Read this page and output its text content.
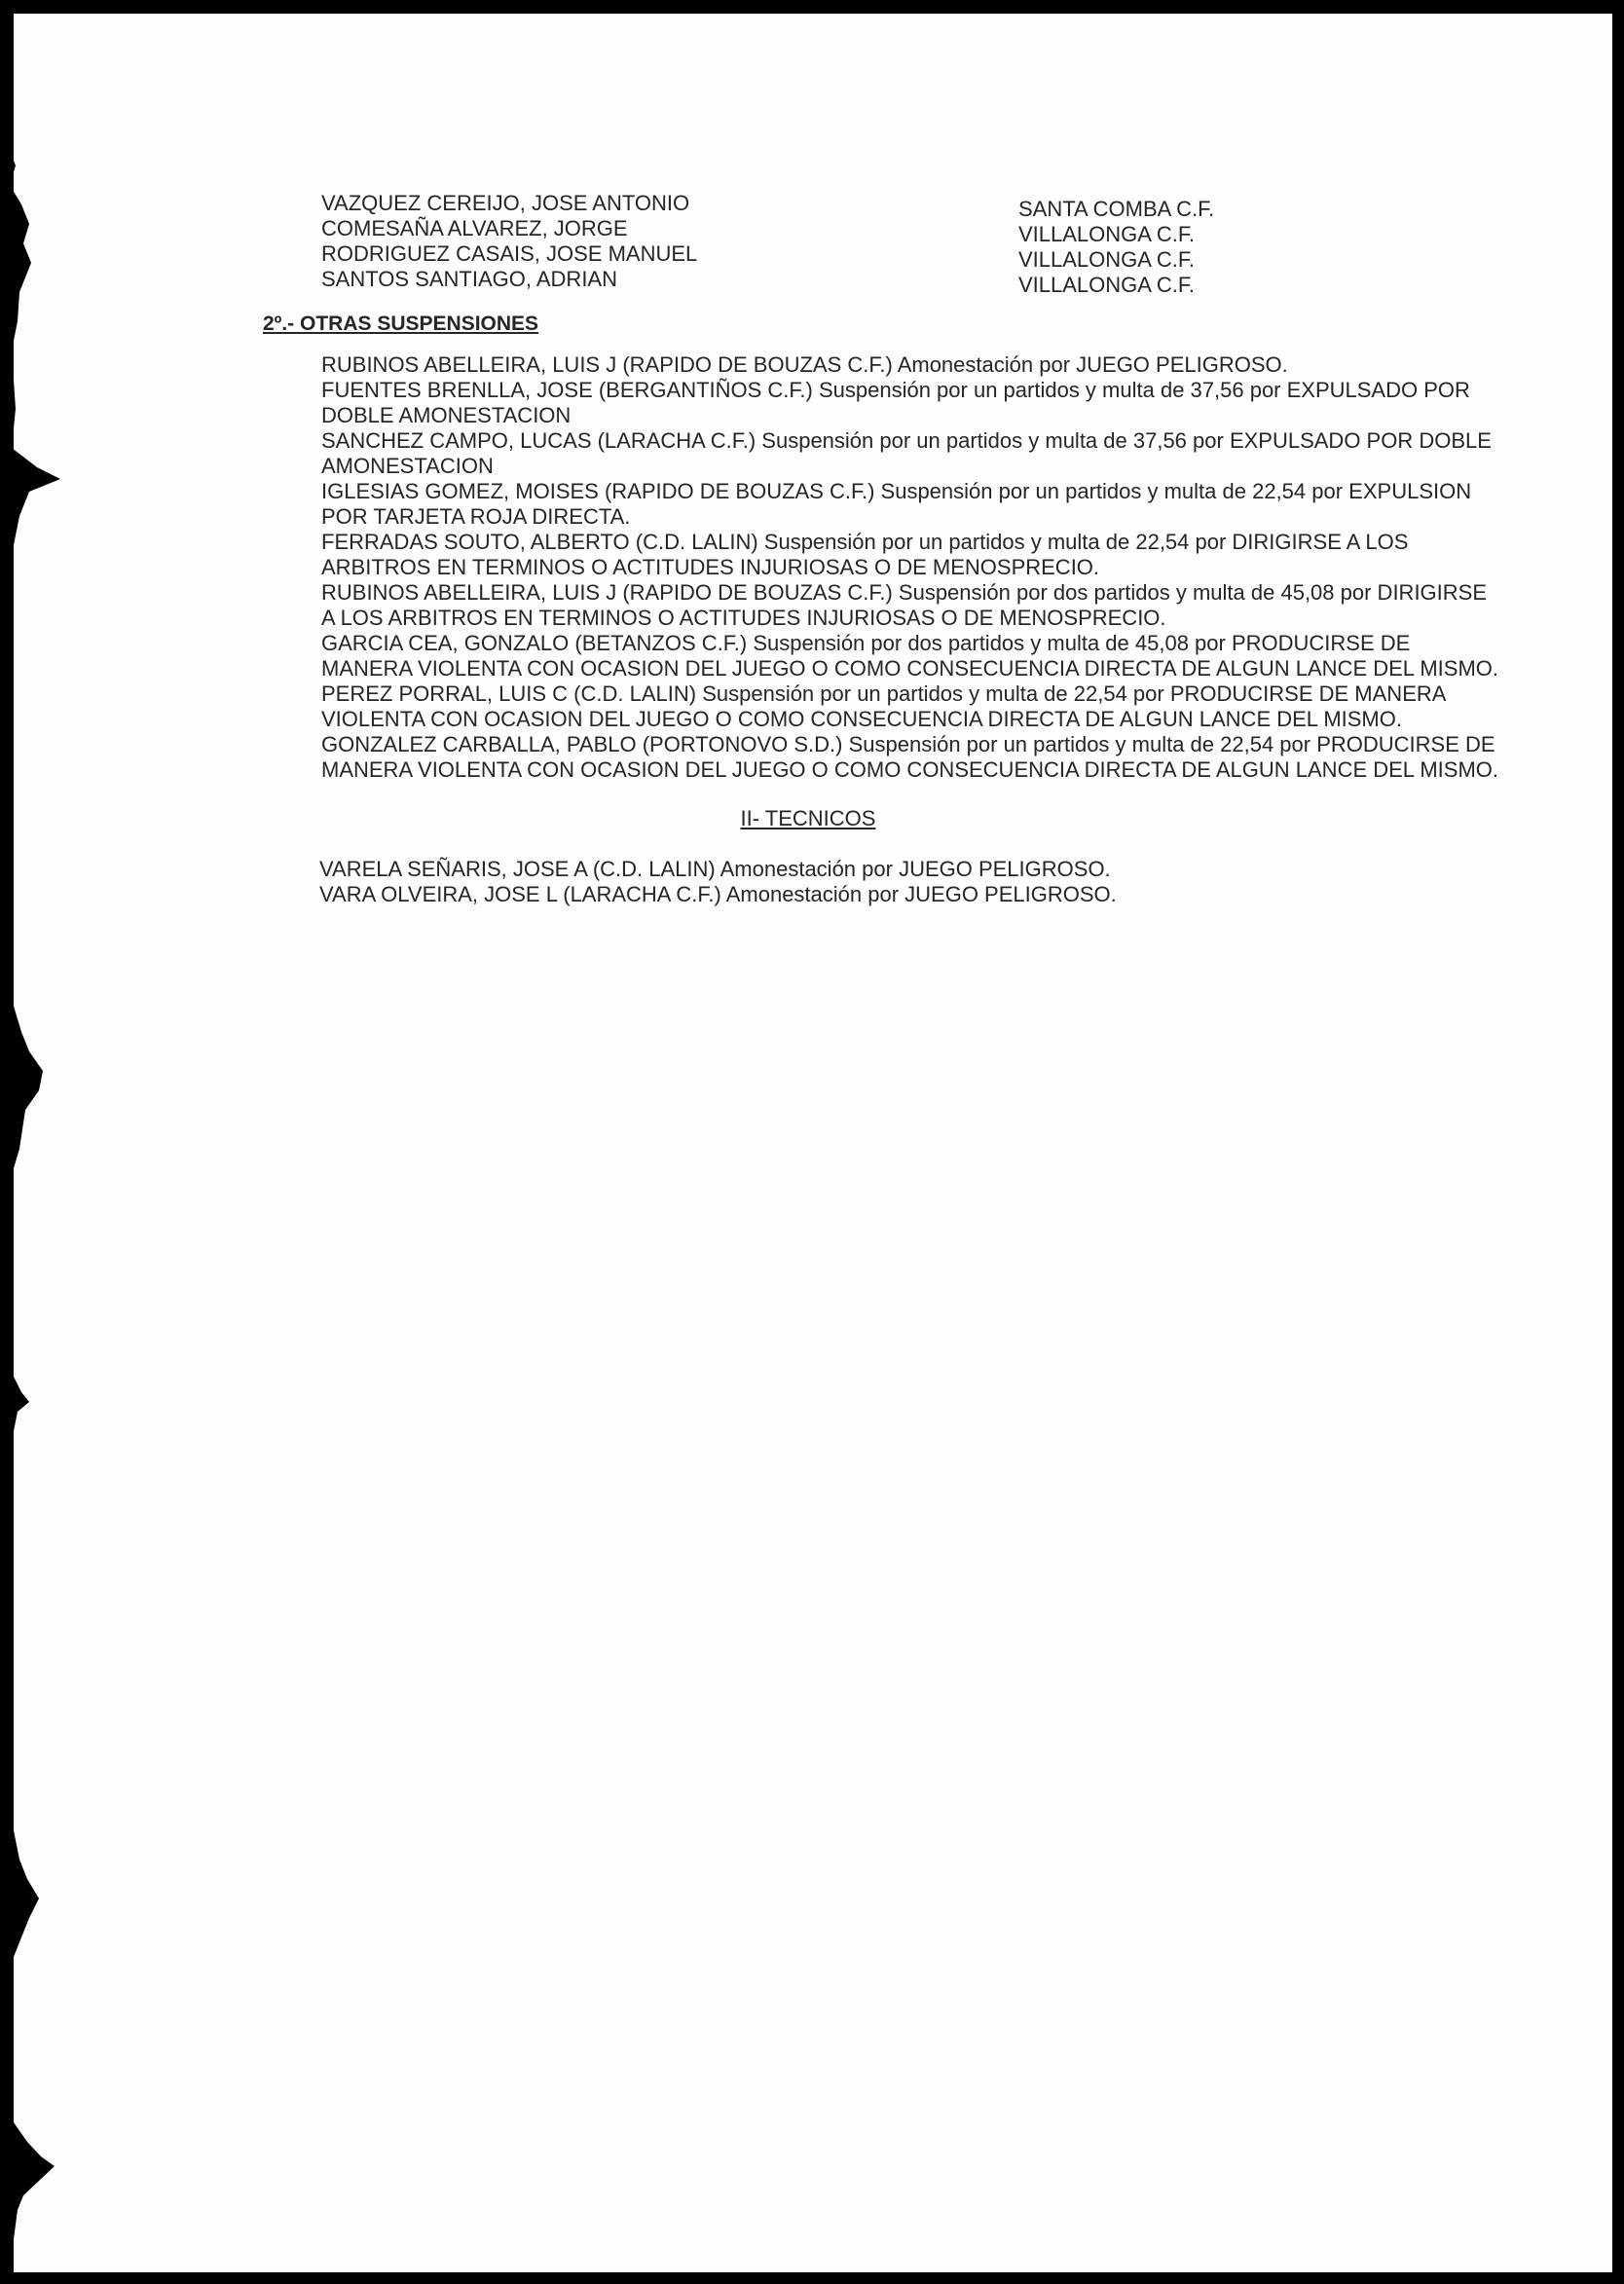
VAZQUEZ CEREIJO, JOSE ANTONIO
COMESAÑA ALVAREZ, JORGE
RODRIGUEZ CASAIS, JOSE MANUEL
SANTOS SANTIAGO, ADRIAN
SANTA COMBA C.F.
VILLALONGA C.F.
VILLALONGA C.F.
VILLALONGA C.F.
2º.- OTRAS SUSPENSIONES

RUBINOS ABELLEIRA, LUIS J (RAPIDO DE BOUZAS C.F.) Amonestación por JUEGO PELIGROSO.

FUENTES BRENLLA, JOSE (BERGANTIÑOS C.F.) Suspensión por un partidos y multa de 37,56 por EXPULSADO POR DOBLE AMONESTACION

SANCHEZ CAMPO, LUCAS (LARACHA C.F.) Suspensión por un partidos y multa de 37,56 por EXPULSADO POR DOBLE AMONESTACION

IGLESIAS GOMEZ, MOISES (RAPIDO DE BOUZAS C.F.) Suspensión por un partidos y multa de 22,54 por EXPULSION POR TARJETA ROJA DIRECTA.

FERRADAS SOUTO, ALBERTO (C.D. LALIN) Suspensión por un partidos y multa de 22,54 por DIRIGIRSE A LOS ARBITROS EN TERMINOS O ACTITUDES INJURIOSAS O DE MENOSPRECIO.

RUBINOS ABELLEIRA, LUIS J (RAPIDO DE BOUZAS C.F.) Suspensión por dos partidos y multa de 45,08 por DIRIGIRSE A LOS ARBITROS EN TERMINOS O ACTITUDES INJURIOSAS O DE MENOSPRECIO.

GARCIA CEA, GONZALO (BETANZOS C.F.) Suspensión por dos partidos y multa de 45,08 por PRODUCIRSE DE MANERA VIOLENTA CON OCASION DEL JUEGO O COMO CONSECUENCIA DIRECTA DE ALGUN LANCE DEL MISMO.

PEREZ PORRAL, LUIS C (C.D. LALIN) Suspensión por un partidos y multa de 22,54 por PRODUCIRSE DE MANERA VIOLENTA CON OCASION DEL JUEGO O COMO CONSECUENCIA DIRECTA DE ALGUN LANCE DEL MISMO.

GONZALEZ CARBALLA, PABLO (PORTONOVO S.D.) Suspensión por un partidos y multa de 22,54 por PRODUCIRSE DE MANERA VIOLENTA CON OCASION DEL JUEGO O COMO CONSECUENCIA DIRECTA DE ALGUN LANCE DEL MISMO.

II- TECNICOS
VARELA SEÑARIS, JOSE A (C.D. LALIN) Amonestación por JUEGO PELIGROSO.
VARA OLVEIRA, JOSE L (LARACHA C.F.) Amonestación por JUEGO PELIGROSO.
